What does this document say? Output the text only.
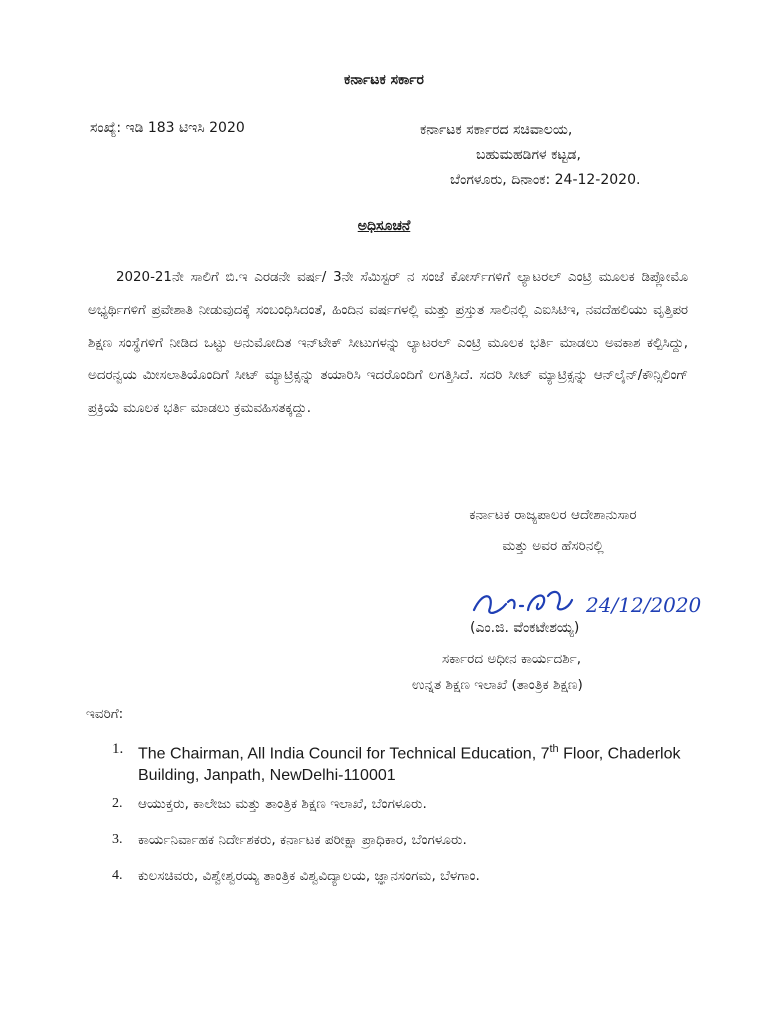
ಕರ್ನಾಟಕ ಸರ್ಕಾರ
ಸಂಖ್ಯೆ: ಇಡಿ 183 ಟಿಇಸಿ 2020	ಕರ್ನಾಟಕ ಸರ್ಕಾರದ ಸಚಿವಾಲಯ,
ಬಹುಮಹಡಿಗಳ ಕಟ್ಟಡ,
ಬೆಂಗಳೂರು, ದಿನಾಂಕ: 24-12-2020.
ಅಧಿಸೂಚನೆ
2020-21ನೇ ಸಾಲಿಗೆ ಬಿ.ಇ ಎರಡನೇ ವರ್ಷ/ 3ನೇ ಸೆಮಿಸ್ಟರ್ ನ ಸಂಜೆ ಕೋರ್ಸ್‌ಗಳಿಗೆ ಲ್ಯಾಟರಲ್ ಎಂಟ್ರಿ ಮೂಲಕ ಡಿಪ್ಲೋಮೊ ಅಭ್ಯರ್ಥಿಗಳಿಗೆ ಪ್ರವೇಶಾತಿ ನೀಡುವುದಕ್ಕೆ ಸಂಬಂಧಿಸಿದಂತೆ, ಹಿಂದಿನ ವರ್ಷಗಳಲ್ಲಿ ಮತ್ತು ಪ್ರಸ್ತುತ ಸಾಲಿನಲ್ಲಿ ಎಐಸಿಟಿಇ, ನವದೆಹಲಿಯು ವೃತ್ತಿಪರ ಶಿಕ್ಷಣ ಸಂಸ್ಥೆಗಳಿಗೆ ನೀಡಿದ ಒಟ್ಟು ಅನುಮೋದಿತ ಇನ್‌ಟೇಕ್ ಸೀಟುಗಳನ್ನು ಲ್ಯಾಟರಲ್ ಎಂಟ್ರಿ ಮೂಲಕ ಭರ್ತಿ ಮಾಡಲು ಅವಕಾಶ ಕಲ್ಪಿಸಿದ್ದು, ಅದರನ್ವಯ ಮೀಸಲಾತಿಯೊಂದಿಗೆ ಸೀಟ್ ಮ್ಯಾಟ್ರಿಕ್ಸನ್ನು ತಯಾರಿಸಿ ಇದರೊಂದಿಗೆ ಲಗತ್ತಿಸಿದೆ. ಸದರಿ ಸೀಟ್ ಮ್ಯಾಟ್ರಿಕ್ಸನ್ನು ಆನ್‌ಲೈನ್/ಕೌನ್ಸಿಲಿಂಗ್ ಪ್ರಕ್ರಿಯೆ ಮೂಲಕ ಭರ್ತಿ ಮಾಡಲು ಕ್ರಮವಹಿಸತಕ್ಕದ್ದು.
ಕರ್ನಾಟಕ ರಾಜ್ಯಪಾಲರ ಆದೇಶಾನುಸಾರ
ಮತ್ತು ಅವರ ಹೆಸರಿನಲ್ಲಿ
24/12/2020
(ಎಂ.ಜಿ. ವೆಂಕಟೇಶಯ್ಯ)
ಸರ್ಕಾರದ ಅಧೀನ ಕಾರ್ಯದರ್ಶಿ,
ಉನ್ನತ ಶಿಕ್ಷಣ ಇಲಾಖೆ (ತಾಂತ್ರಿಕ ಶಿಕ್ಷಣ)
ಇವರಿಗೆ:
1. The Chairman, All India Council for Technical Education, 7th Floor, Chaderlok Building, Janpath, NewDelhi-110001
2. ಆಯುಕ್ತರು, ಕಾಲೇಜು ಮತ್ತು ತಾಂತ್ರಿಕ ಶಿಕ್ಷಣ ಇಲಾಖೆ, ಬೆಂಗಳೂರು.
3. ಕಾರ್ಯನಿರ್ವಾಹಕ ನಿರ್ದೇಶಕರು, ಕರ್ನಾಟಕ ಪರೀಕ್ಷಾ ಪ್ರಾಧಿಕಾರ, ಬೆಂಗಳೂರು.
4. ಕುಲಸಚಿವರು, ವಿಶ್ವೇಶ್ವರಯ್ಯ ತಾಂತ್ರಿಕ ವಿಶ್ವವಿದ್ಯಾಲಯ, ಜ್ಞಾನಸಂಗಮ, ಬೆಳಗಾಂ.
